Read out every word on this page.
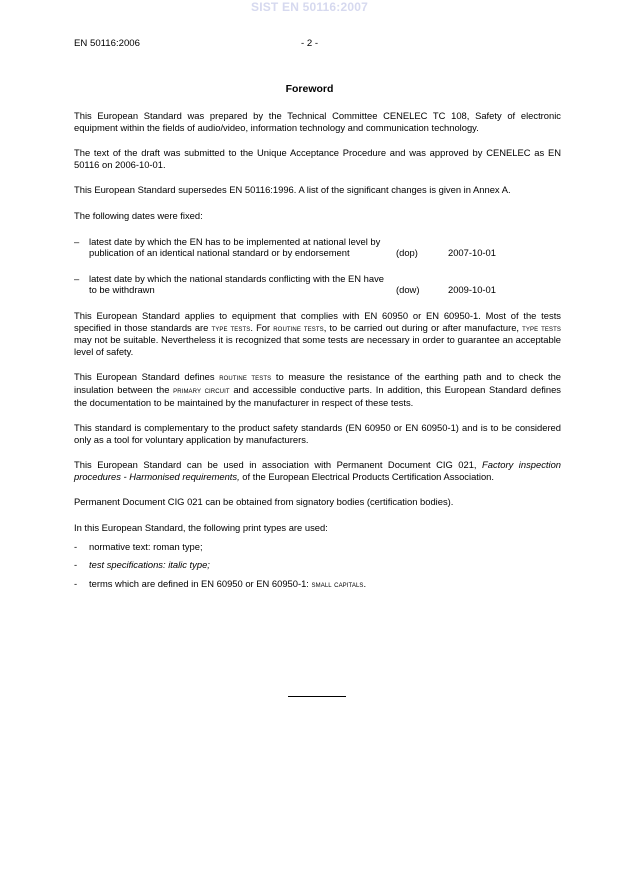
SIST EN 50116:2007
EN 50116:2006	- 2 -
Foreword

This European Standard was prepared by the Technical Committee CENELEC TC 108, Safety of electronic equipment within the fields of audio/video, information technology and communication technology.

The text of the draft was submitted to the Unique Acceptance Procedure and was approved by CENELEC as EN 50116 on 2006-10-01.

This European Standard supersedes EN 50116:1996. A list of the significant changes is given in Annex A.

The following dates were fixed:

– latest date by which the EN has to be implemented at national level by publication of an identical national standard or by endorsement	(dop)	2007-10-01
– latest date by which the national standards conflicting with the EN have to be withdrawn	(dow)	2009-10-01

This European Standard applies to equipment that complies with EN 60950 or EN 60950-1. Most of the tests specified in those standards are type tests. For routine tests, to be carried out during or after manufacture, type tests may not be suitable. Nevertheless it is recognized that some tests are necessary in order to guarantee an acceptable level of safety.

This European Standard defines routine tests to measure the resistance of the earthing path and to check the insulation between the primary circuit and accessible conductive parts. In addition, this European Standard defines the documentation to be maintained by the manufacturer in respect of these tests.

This standard is complementary to the product safety standards (EN 60950 or EN 60950-1) and is to be considered only as a tool for voluntary application by manufacturers.

This European Standard can be used in association with Permanent Document CIG 021, Factory inspection procedures - Harmonised requirements, of the European Electrical Products Certification Association.

Permanent Document CIG 021 can be obtained from signatory bodies (certification bodies).

In this European Standard, the following print types are used:

- normative text: roman type;
- test specifications: italic type;
- terms which are defined in EN 60950 or EN 60950-1: small capitals.
